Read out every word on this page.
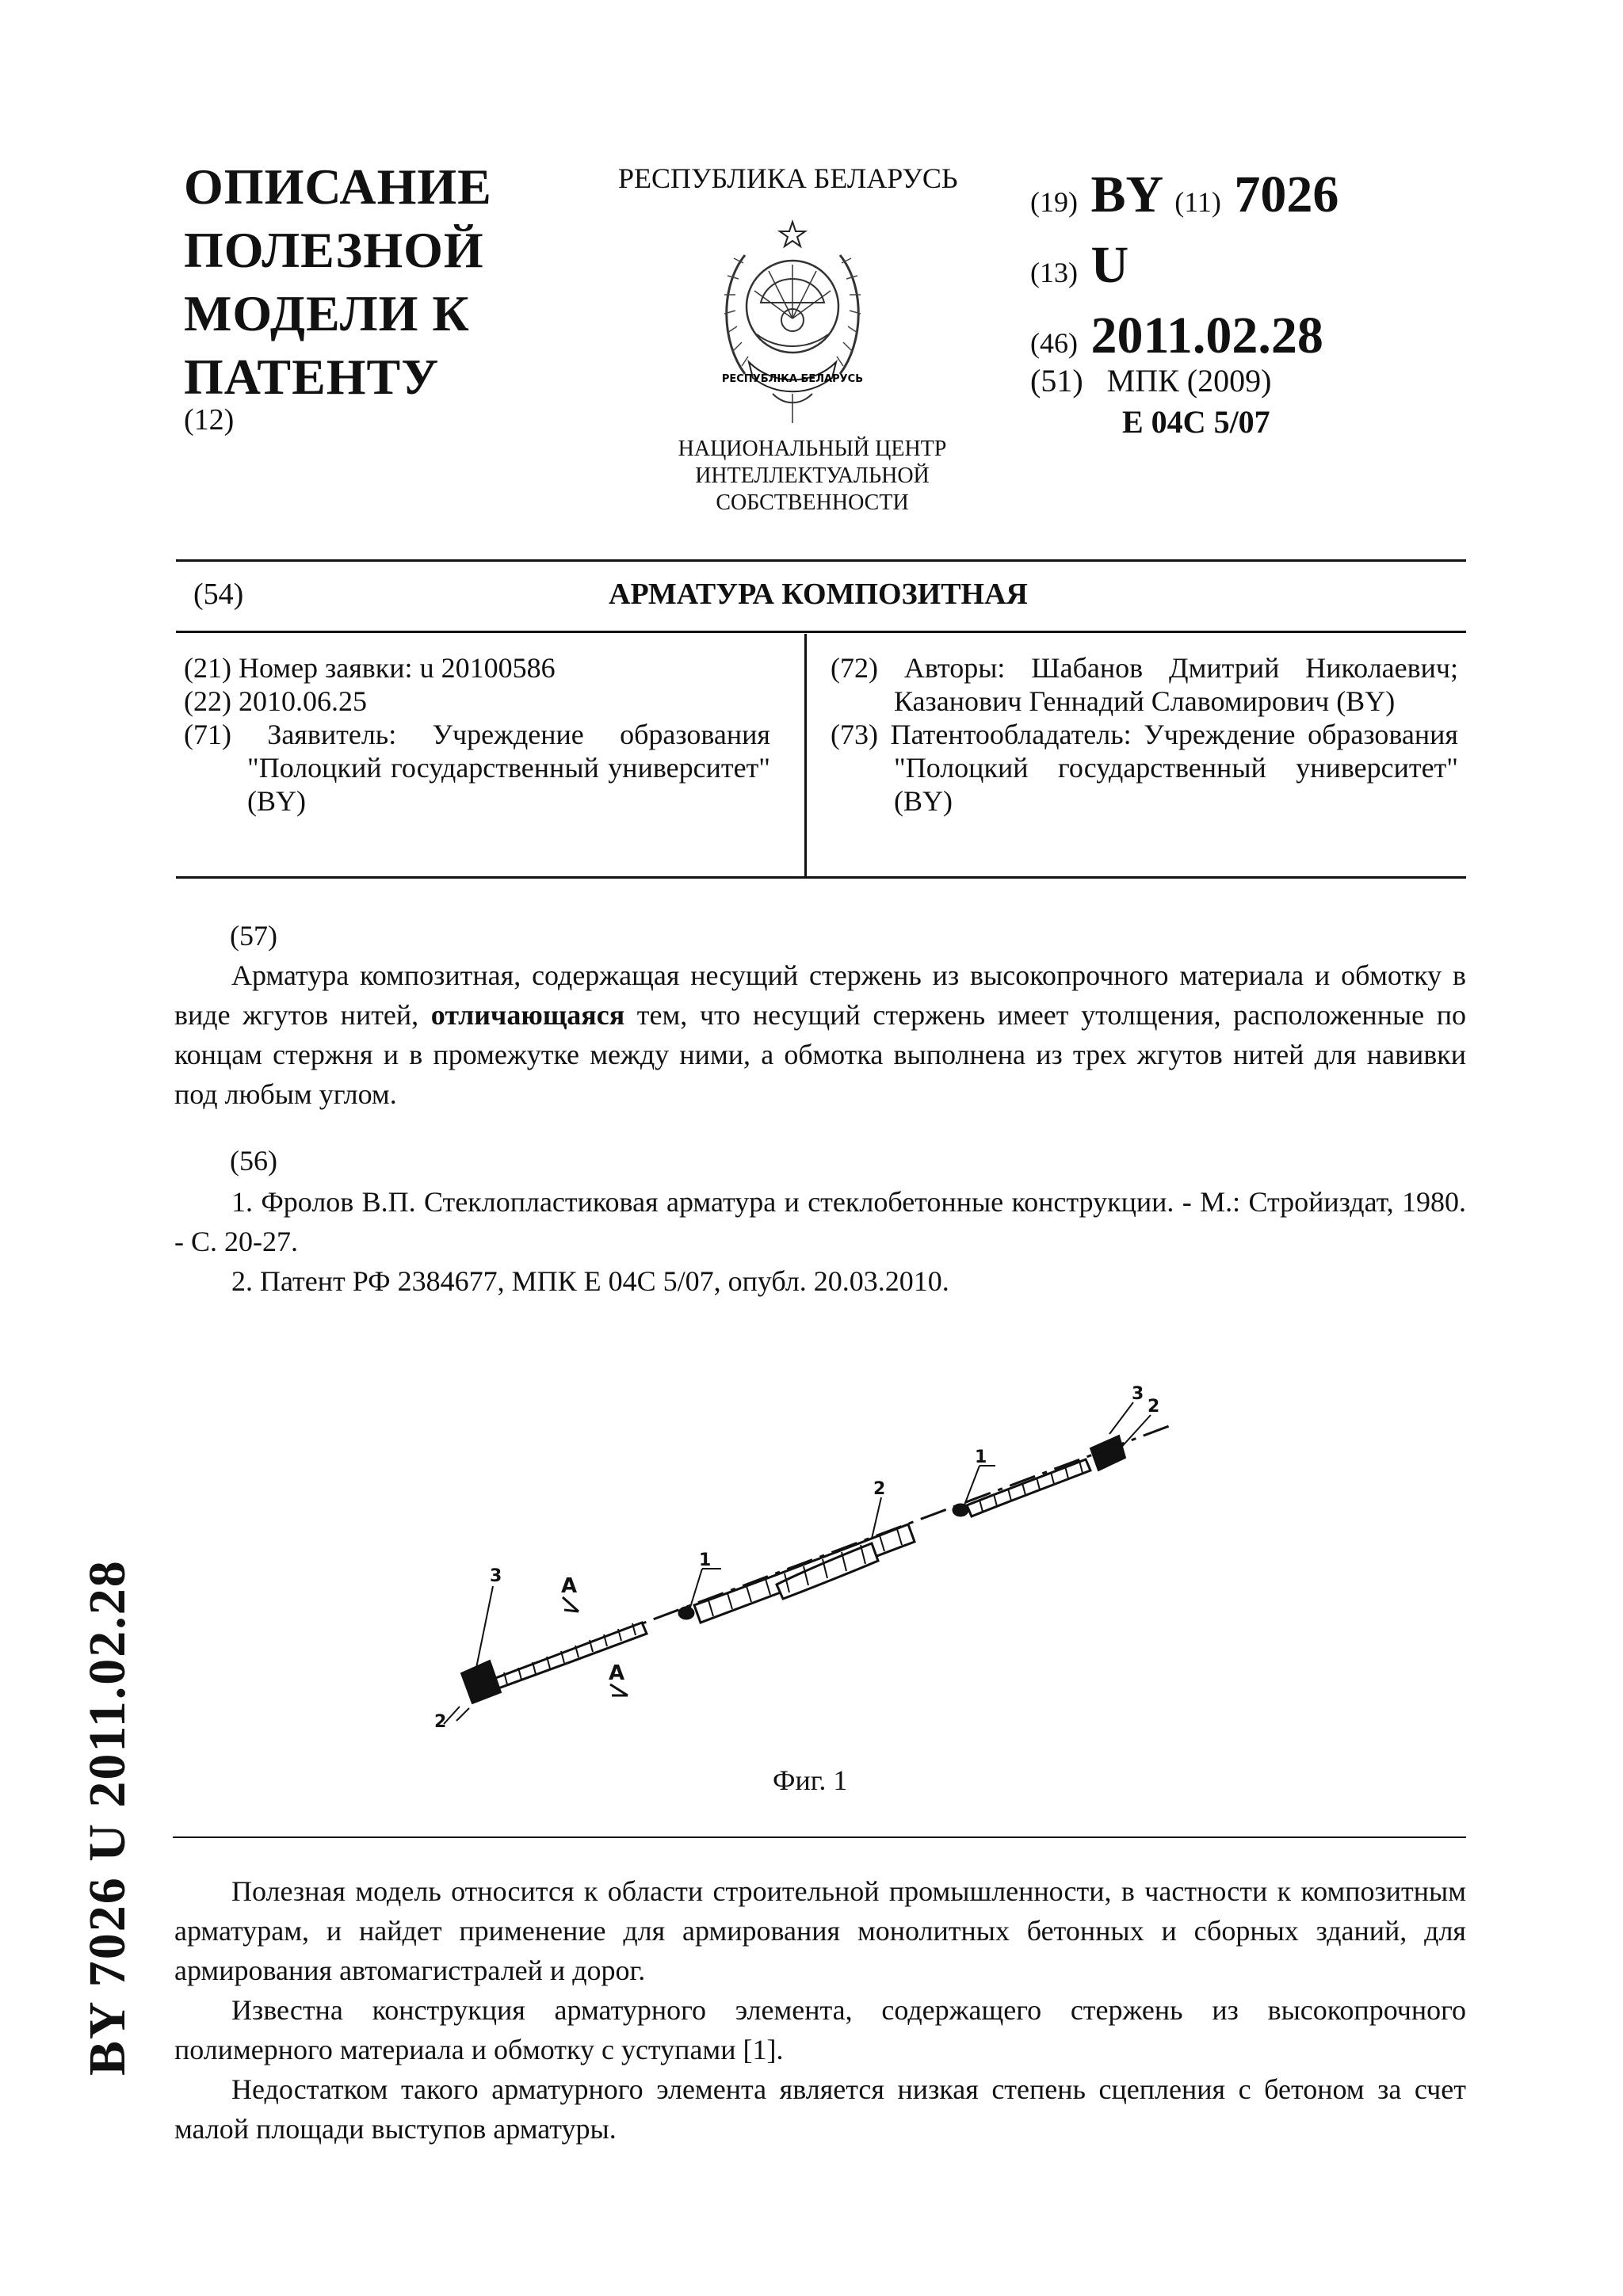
ОПИСАНИЕ
ПОЛЕЗНОЙ
МОДЕЛИ К
ПАТЕНТУ
(12)
РЕСПУБЛИКА БЕЛАРУСЬ
РЕСПУБЛІКА БЕЛАРУСЬ
НАЦИОНАЛЬНЫЙ ЦЕНТР
ИНТЕЛЛЕКТУАЛЬНОЙ
СОБСТВЕННОСТИ
(19) BY (11) 7026
(13) U
(46) 2011.02.28
(51) МПК (2009)
E 04C 5/07
(54)	АРМАТУРА КОМПОЗИТНАЯ

(21) Номер заявки: u 20100586

(22) 2010.06.25

(71) Заявитель: Учреждение образования "Полоцкий государственный университет" (BY)

(72) Авторы: Шабанов Дмитрий Николаевич; Казанович Геннадий Славомирович (BY)

(73) Патентообладатель: Учреждение образования "Полоцкий государственный университет" (BY)

(57)

Арматура композитная, содержащая несущий стержень из высокопрочного материала и обмотку в виде жгутов нитей, отличающаяся тем, что несущий стержень имеет утолщения, расположенные по концам стержня и в промежутке между ними, а обмотка выполнена из трех жгутов нитей для навивки под любым углом.

(56)

1. Фролов В.П. Стеклопластиковая арматура и стеклобетонные конструкции. - М.: Стройиздат, 1980. - С. 20-27.

2. Патент РФ 2384677, МПК E 04C 5/07, опубл. 20.03.2010.

1
2
3
1
2
3
2
А
А
Фиг. 1

Полезная модель относится к области строительной промышленности, в частности к композитным арматурам, и найдет применение для армирования монолитных бетонных и сборных зданий, для армирования автомагистралей и дорог.

Известна конструкция арматурного элемента, содержащего стержень из высокопрочного полимерного материала и обмотку с уступами [1].

Недостатком такого арматурного элемента является низкая степень сцепления с бетоном за счет малой площади выступов арматуры.

BY 7026 U 2011.02.28
